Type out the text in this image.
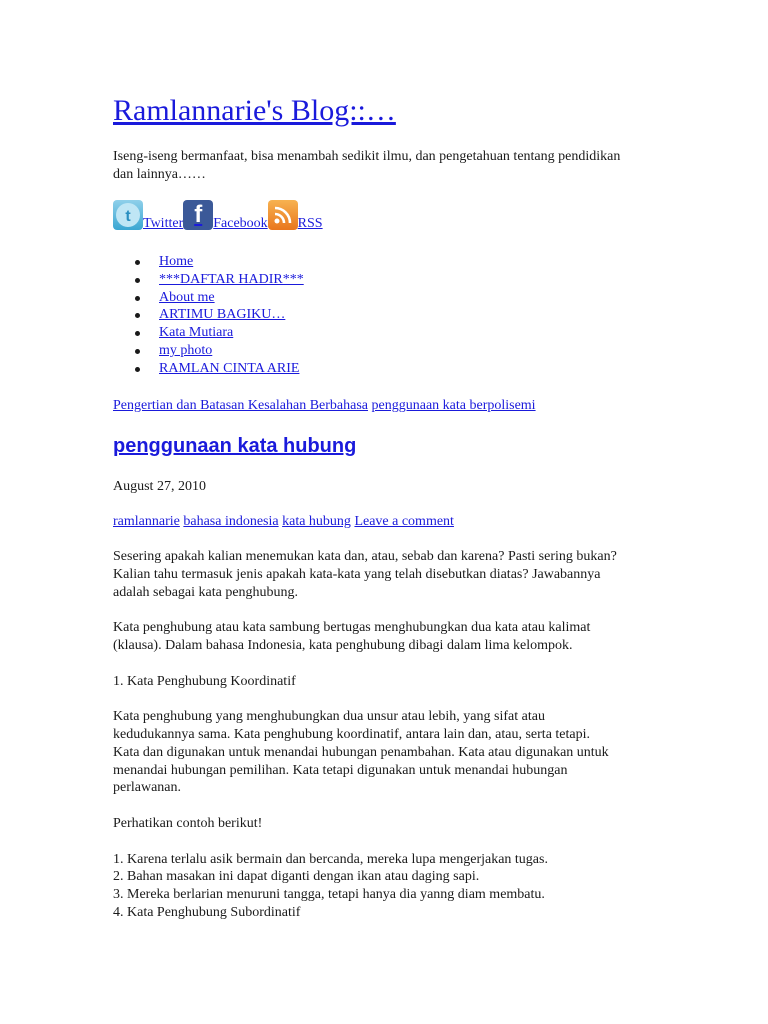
Ramlannarie's Blog::…

Iseng-iseng bermanfaat, bisa menambah sedikit ilmu, dan pengetahuan tentang pendidikan dan lainnya……

t Twitter f Facebook RSS
Home
***DAFTAR HADIR***
About me
ARTIMU BAGIKU…
Kata Mutiara
my photo
RAMLAN CINTA ARIE
Pengertian dan Batasan Kesalahan Berbahasa penggunaan kata berpolisemi
penggunaan kata hubung
August 27, 2010
ramlannarie bahasa indonesia kata hubung Leave a comment

Sesering apakah kalian menemukan kata dan, atau, sebab dan karena? Pasti sering bukan?
Kalian tahu termasuk jenis apakah kata-kata yang telah disebutkan diatas? Jawabannya
adalah sebagai kata penghubung.

Kata penghubung atau kata sambung bertugas menghubungkan dua kata atau kalimat
(klausa). Dalam bahasa Indonesia, kata penghubung dibagi dalam lima kelompok.

1. Kata Penghubung Koordinatif

Kata penghubung yang menghubungkan dua unsur atau lebih, yang sifat atau
kedudukannya sama. Kata penghubung koordinatif, antara lain dan, atau, serta tetapi.
Kata dan digunakan untuk menandai hubungan penambahan. Kata atau digunakan untuk
menandai hubungan pemilihan. Kata tetapi digunakan untuk menandai hubungan
perlawanan.

Perhatikan contoh berikut!

1. Karena terlalu asik bermain dan bercanda, mereka lupa mengerjakan tugas.
2. Bahan masakan ini dapat diganti dengan ikan atau daging sapi.
3. Mereka berlarian menuruni tangga, tetapi hanya dia yanng diam membatu.
4. Kata Penghubung Subordinatif
